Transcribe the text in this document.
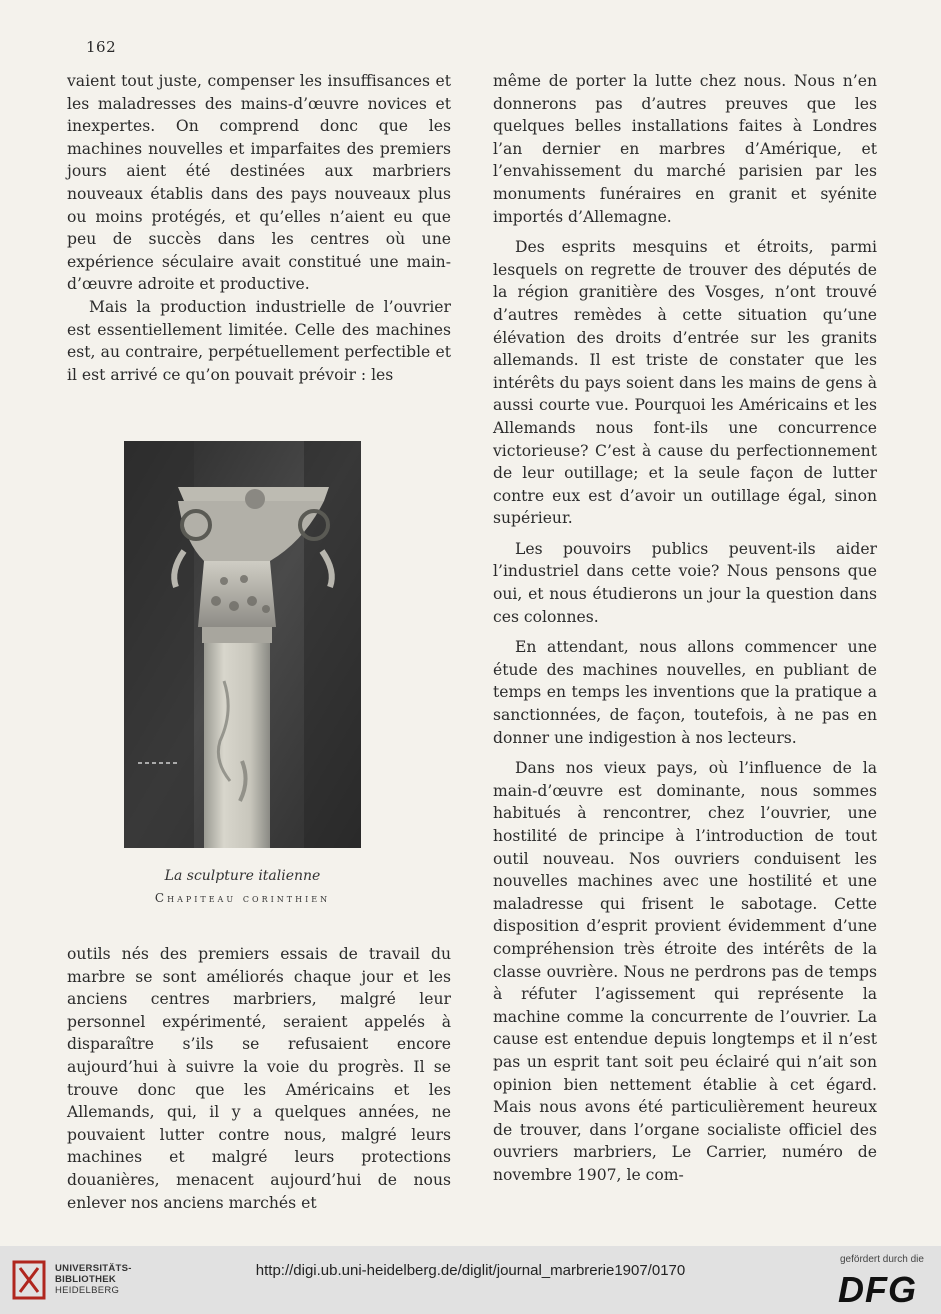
162

vaient tout juste, compenser les insuffisances et les maladresses des mains-d’œuvre novices et inexpertes. On comprend donc que les machines nouvelles et imparfaites des premiers jours aient été destinées aux marbriers nouveaux établis dans des pays nouveaux plus ou moins protégés, et qu’elles n’aient eu que peu de succès dans les centres où une expérience séculaire avait constitué une main-d’œuvre adroite et productive.

Mais la production industrielle de l’ouvrier est essentiellement limitée. Celle des machines est, au contraire, perpétuellement perfectible et il est arrivé ce qu’on pouvait prévoir : les

La sculpture italienne
Chapiteau corinthien

outils nés des premiers essais de travail du marbre se sont améliorés chaque jour et les anciens centres marbriers, malgré leur personnel expérimenté, seraient appelés à disparaître s’ils se refusaient encore aujourd’hui à suivre la voie du progrès. Il se trouve donc que les Américains et les Allemands, qui, il y a quelques années, ne pouvaient lutter contre nous, malgré leurs machines et malgré leurs protections douanières, menacent aujourd’hui de nous enlever nos anciens marchés et

même de porter la lutte chez nous. Nous n’en donnerons pas d’autres preuves que les quelques belles installations faites à Londres l’an dernier en marbres d’Amérique, et l’envahissement du marché parisien par les monuments funéraires en granit et syénite importés d’Allemagne.

Des esprits mesquins et étroits, parmi lesquels on regrette de trouver des députés de la région granitière des Vosges, n’ont trouvé d’autres remèdes à cette situation qu’une élévation des droits d’entrée sur les granits allemands. Il est triste de constater que les intérêts du pays soient dans les mains de gens à aussi courte vue. Pourquoi les Américains et les Allemands nous font-ils une concurrence victorieuse? C’est à cause du perfectionnement de leur outillage; et la seule façon de lutter contre eux est d’avoir un outillage égal, sinon supérieur.

Les pouvoirs publics peuvent-ils aider l’industriel dans cette voie? Nous pensons que oui, et nous étudierons un jour la question dans ces colonnes.

En attendant, nous allons commencer une étude des machines nouvelles, en publiant de temps en temps les inventions que la pratique a sanctionnées, de façon, toutefois, à ne pas en donner une indigestion à nos lecteurs.

Dans nos vieux pays, où l’influence de la main-d’œuvre est dominante, nous sommes habitués à rencontrer, chez l’ouvrier, une hostilité de principe à l’introduction de tout outil nouveau. Nos ouvriers conduisent les nouvelles machines avec une hostilité et une maladresse qui frisent le sabotage. Cette disposition d’esprit provient évidemment d’une compréhension très étroite des intérêts de la classe ouvrière. Nous ne perdrons pas de temps à réfuter l’agissement qui représente la machine comme la concurrente de l’ouvrier. La cause est entendue depuis longtemps et il n’est pas un esprit tant soit peu éclairé qui n’ait son opinion bien nettement établie à cet égard. Mais nous avons été particulièrement heureux de trouver, dans l’organe socialiste officiel des ouvriers marbriers, Le Carrier, numéro de novembre 1907, le com-

UNIVERSITÄTS-
BIBLIOTHEK
HEIDELBERG
http://digi.ub.uni-heidelberg.de/diglit/journal_marbrerie1907/0170
gefördert durch die
DFG
